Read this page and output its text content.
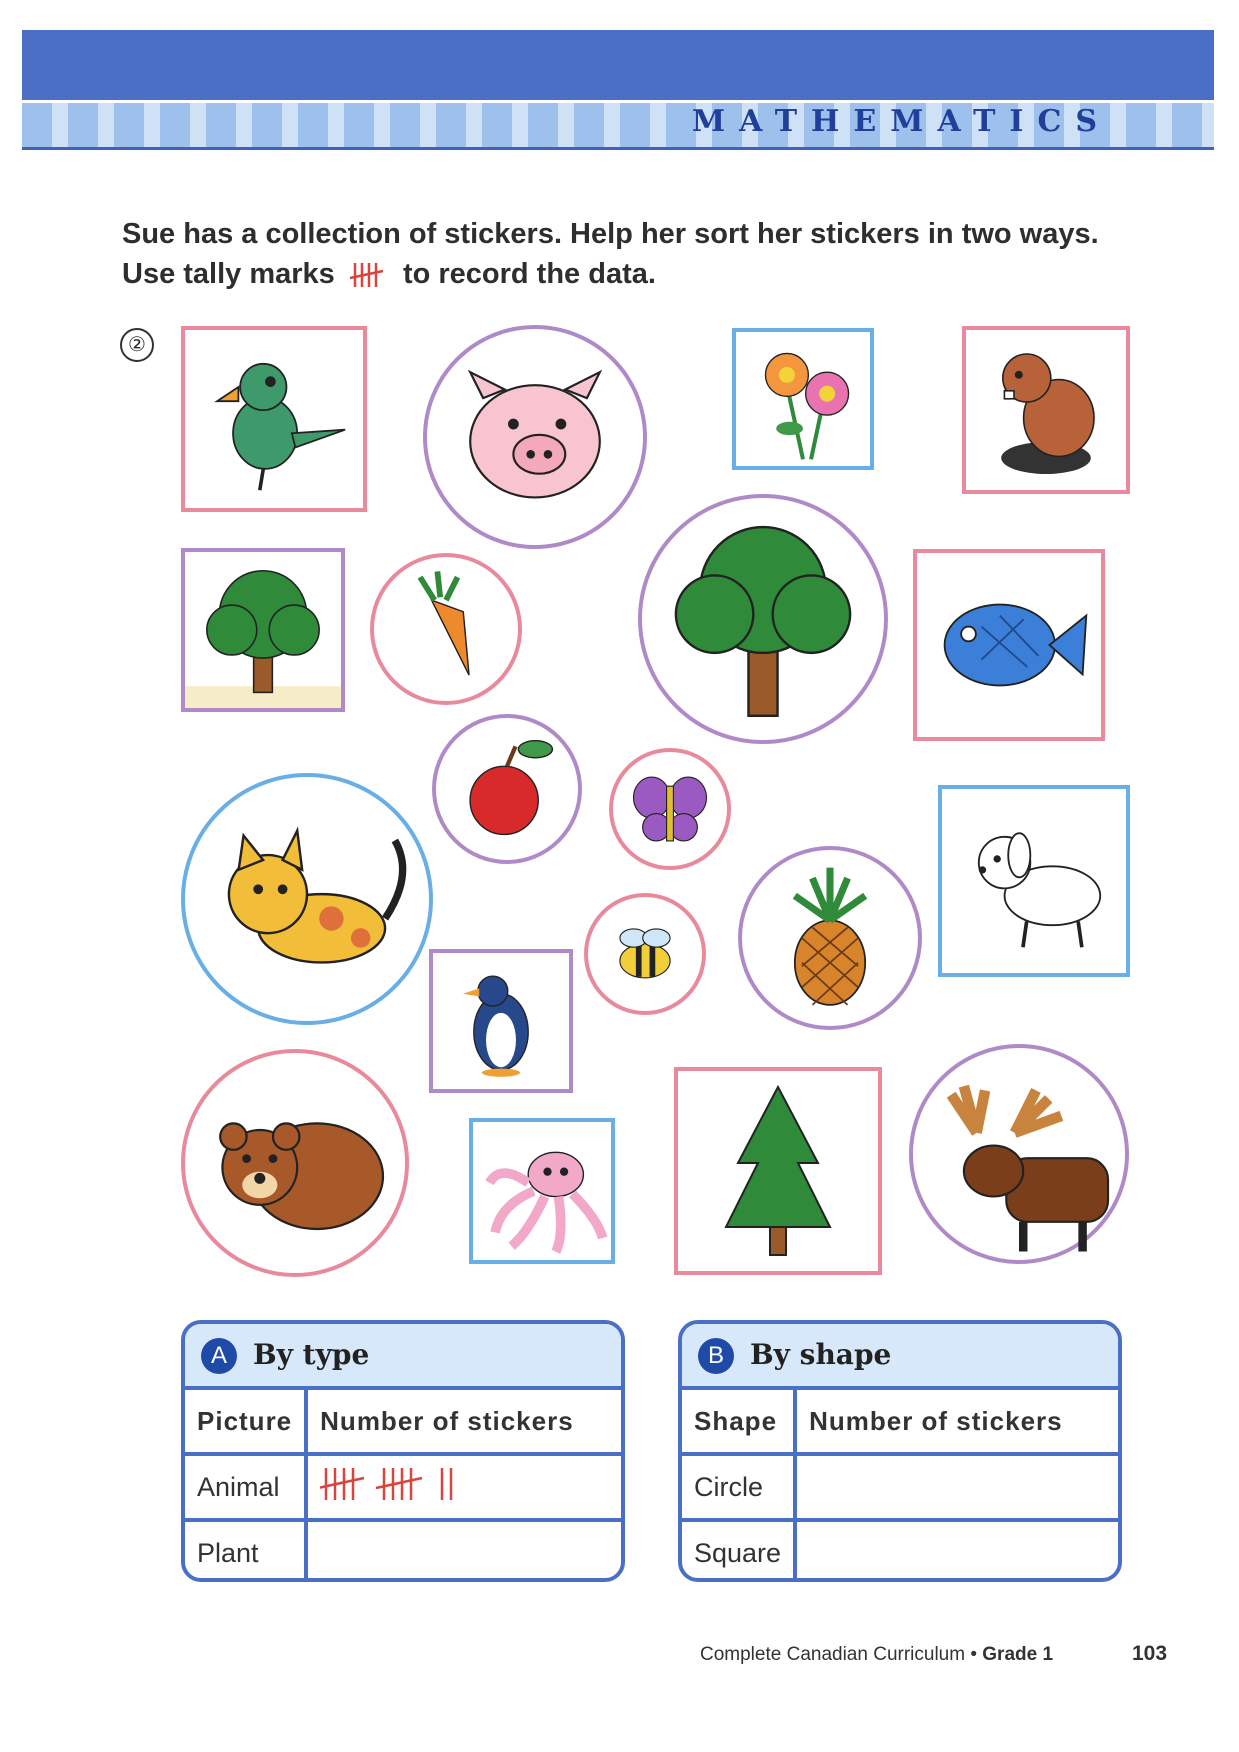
MATHEMATICS
Sue has a collection of stickers. Help her sort her stickers in two ways.
Use tally marks to record the data.
②
A By type
Picture	Number of stickers
Animal	
Plant	
B By shape
Shape	Number of stickers
Circle	
Square	
Complete Canadian Curriculum • Grade 1	103
